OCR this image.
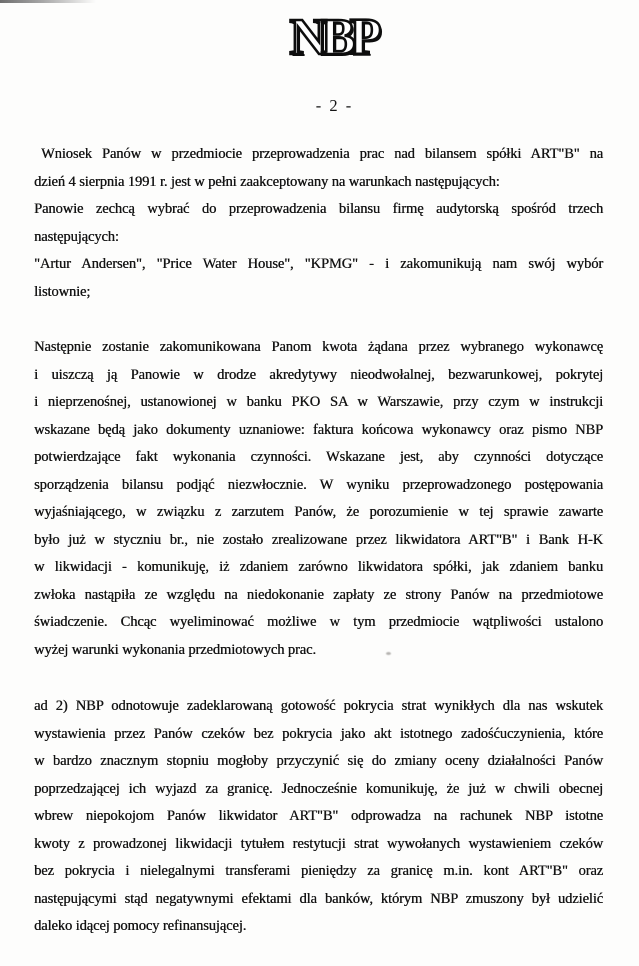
NBP
- 2 -
Wniosek Panów w przedmiocie przeprowadzenia prac nad bilansem spółki ART"B" na
dzień 4 sierpnia 1991 r. jest w pełni zaakceptowany na warunkach następujących:
Panowie zechcą wybrać do przeprowadzenia bilansu firmę audytorską spośród trzech
następujących:
"Artur Andersen", "Price Water House", "KPMG" - i zakomunikują nam swój wybór
listownie;
Następnie zostanie zakomunikowana Panom kwota żądana przez wybranego wykonawcę
i uiszczą ją Panowie w drodze akredytywy nieodwołalnej, bezwarunkowej, pokrytej
i nieprzenośnej, ustanowionej w banku PKO SA w Warszawie, przy czym w instrukcji
wskazane będą jako dokumenty uznaniowe: faktura końcowa wykonawcy oraz pismo NBP
potwierdzające fakt wykonania czynności. Wskazane jest, aby czynności dotyczące
sporządzenia bilansu podjąć niezwłocznie. W wyniku przeprowadzonego postępowania
wyjaśniającego, w związku z zarzutem Panów, że porozumienie w tej sprawie zawarte
było już w styczniu br., nie zostało zrealizowane przez likwidatora ART"B" i Bank H-K
w likwidacji - komunikuję, iż zdaniem zarówno likwidatora spółki, jak zdaniem banku
zwłoka nastąpiła ze względu na niedokonanie zapłaty ze strony Panów na przedmiotowe
świadczenie. Chcąc wyeliminować możliwe w tym przedmiocie wątpliwości ustalono
wyżej warunki wykonania przedmiotowych prac.
ad 2) NBP odnotowuje zadeklarowaną gotowość pokrycia strat wynikłych dla nas wskutek
wystawienia przez Panów czeków bez pokrycia jako akt istotnego zadośćuczynienia, które
w bardzo znacznym stopniu mogłoby przyczynić się do zmiany oceny działalności Panów
poprzedzającej ich wyjazd za granicę. Jednocześnie komunikuję, że już w chwili obecnej
wbrew niepokojom Panów likwidator ART"B" odprowadza na rachunek NBP istotne
kwoty z prowadzonej likwidacji tytułem restytucji strat wywołanych wystawieniem czeków
bez pokrycia i nielegalnymi transferami pieniędzy za granicę m.in. kont ART"B" oraz
następującymi stąd negatywnymi efektami dla banków, którym NBP zmuszony był udzielić
daleko idącej pomocy refinansującej.
